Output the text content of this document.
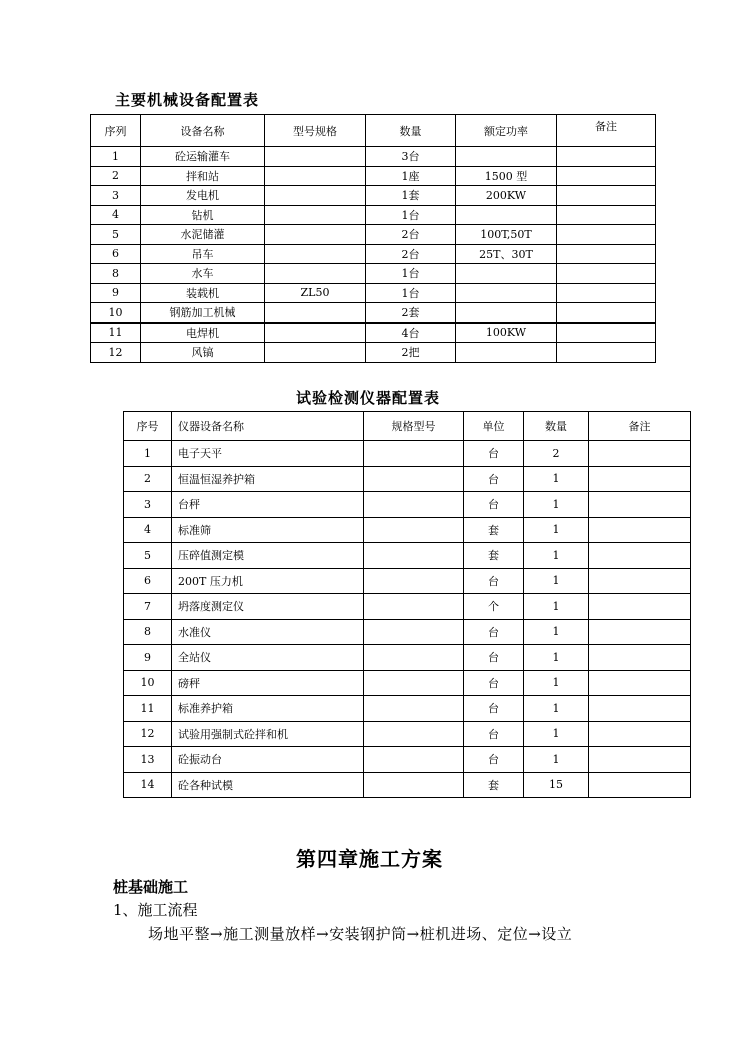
主要机械设备配置表
序列	设备名称	型号规格	数量	额定功率	备注
1	砼运输灌车		3台		
2	拌和站		1座	1500 型	
3	发电机		1套	200KW	
4	钻机		1台		
5	水泥储灌		2台	100T,50T	
6	吊车		2台	25T、30T	
8	水车		1台		
9	装载机	ZL50	1台		
10	钢筋加工机械		2套		
11	电焊机		4台	100KW	
12	风镐		2把		
试验检测仪器配置表
序号	仪器设备名称	规格型号	单位	数量	备注
1	电子天平		台	2	
2	恒温恒湿养护箱		台	1	
3	台秤		台	1	
4	标准筛		套	1	
5	压碎值测定模		套	1	
6	200T 压力机		台	1	
7	坍落度测定仪		个	1	
8	水准仪		台	1	
9	全站仪		台	1	
10	磅秤		台	1	
11	标准养护箱		台	1	
12	试验用强制式砼拌和机		台	1	
13	砼振动台		台	1	
14	砼各种试模		套	15	
第四章施工方案
桩基础施工
1、施工流程
场地平整→施工测量放样→安装钢护筒→桩机进场、定位→设立
